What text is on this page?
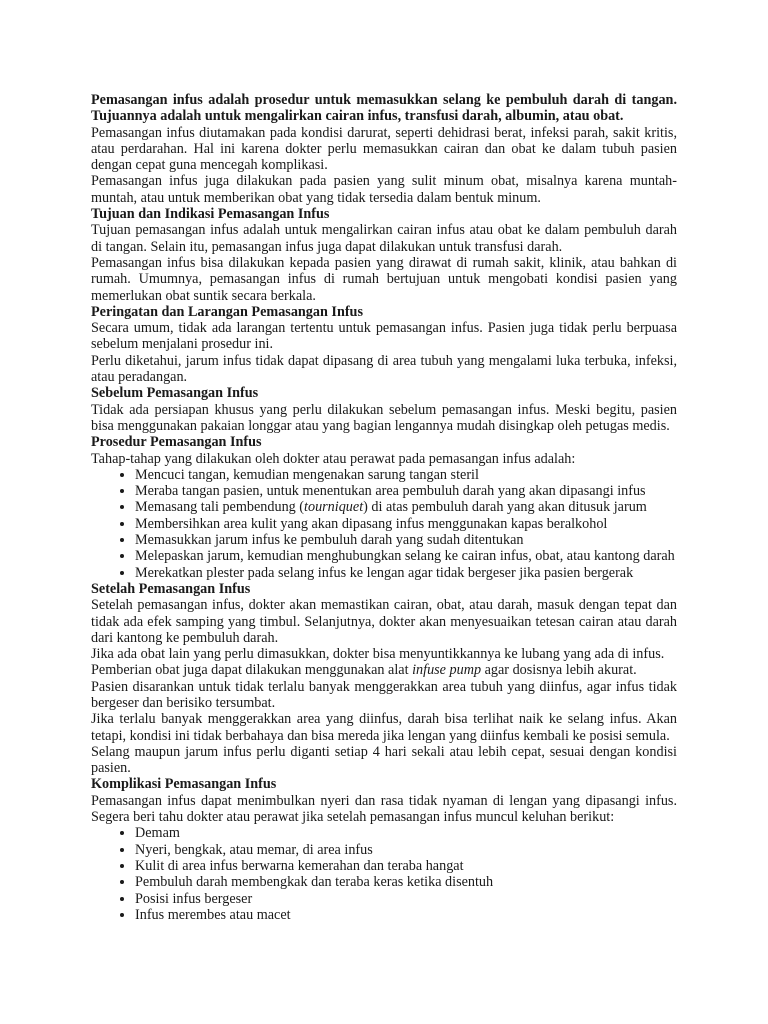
Pemasangan infus adalah prosedur untuk memasukkan selang ke pembuluh darah di tangan. Tujuannya adalah untuk mengalirkan cairan infus, transfusi darah, albumin, atau obat.

Pemasangan infus diutamakan pada kondisi darurat, seperti dehidrasi berat, infeksi parah, sakit kritis, atau perdarahan. Hal ini karena dokter perlu memasukkan cairan dan obat ke dalam tubuh pasien dengan cepat guna mencegah komplikasi.

Pemasangan infus juga dilakukan pada pasien yang sulit minum obat, misalnya karena muntah-muntah, atau untuk memberikan obat yang tidak tersedia dalam bentuk minum.

Tujuan dan Indikasi Pemasangan Infus

Tujuan pemasangan infus adalah untuk mengalirkan cairan infus atau obat ke dalam pembuluh darah di tangan. Selain itu, pemasangan infus juga dapat dilakukan untuk transfusi darah.

Pemasangan infus bisa dilakukan kepada pasien yang dirawat di rumah sakit, klinik, atau bahkan di rumah. Umumnya, pemasangan infus di rumah bertujuan untuk mengobati kondisi pasien yang memerlukan obat suntik secara berkala.

Peringatan dan Larangan Pemasangan Infus

Secara umum, tidak ada larangan tertentu untuk pemasangan infus. Pasien juga tidak perlu berpuasa sebelum menjalani prosedur ini.

Perlu diketahui, jarum infus tidak dapat dipasang di area tubuh yang mengalami luka terbuka, infeksi, atau peradangan.

Sebelum Pemasangan Infus

Tidak ada persiapan khusus yang perlu dilakukan sebelum pemasangan infus. Meski begitu, pasien bisa menggunakan pakaian longgar atau yang bagian lengannya mudah disingkap oleh petugas medis.

Prosedur Pemasangan Infus

Tahap-tahap yang dilakukan oleh dokter atau perawat pada pemasangan infus adalah:

• Mencuci tangan, kemudian mengenakan sarung tangan steril
• Meraba tangan pasien, untuk menentukan area pembuluh darah yang akan dipasangi infus
• Memasang tali pembendung (tourniquet) di atas pembuluh darah yang akan ditusuk jarum
• Membersihkan area kulit yang akan dipasang infus menggunakan kapas beralkohol
• Memasukkan jarum infus ke pembuluh darah yang sudah ditentukan
• Melepaskan jarum, kemudian menghubungkan selang ke cairan infus, obat, atau kantong darah
• Merekatkan plester pada selang infus ke lengan agar tidak bergeser jika pasien bergerak

Setelah Pemasangan Infus

Setelah pemasangan infus, dokter akan memastikan cairan, obat, atau darah, masuk dengan tepat dan tidak ada efek samping yang timbul. Selanjutnya, dokter akan menyesuaikan tetesan cairan atau darah dari kantong ke pembuluh darah.

Jika ada obat lain yang perlu dimasukkan, dokter bisa menyuntikkannya ke lubang yang ada di infus.
Pemberian obat juga dapat dilakukan menggunakan alat infuse pump agar dosisnya lebih akurat.

Pasien disarankan untuk tidak terlalu banyak menggerakkan area tubuh yang diinfus, agar infus tidak bergeser dan berisiko tersumbat.

Jika terlalu banyak menggerakkan area yang diinfus, darah bisa terlihat naik ke selang infus. Akan tetapi, kondisi ini tidak berbahaya dan bisa mereda jika lengan yang diinfus kembali ke posisi semula.

Selang maupun jarum infus perlu diganti setiap 4 hari sekali atau lebih cepat, sesuai dengan kondisi pasien.

Komplikasi Pemasangan Infus

Pemasangan infus dapat menimbulkan nyeri dan rasa tidak nyaman di lengan yang dipasangi infus. Segera beri tahu dokter atau perawat jika setelah pemasangan infus muncul keluhan berikut:

• Demam
• Nyeri, bengkak, atau memar, di area infus
• Kulit di area infus berwarna kemerahan dan teraba hangat
• Pembuluh darah membengkak dan teraba keras ketika disentuh
• Posisi infus bergeser
• Infus merembes atau macet
